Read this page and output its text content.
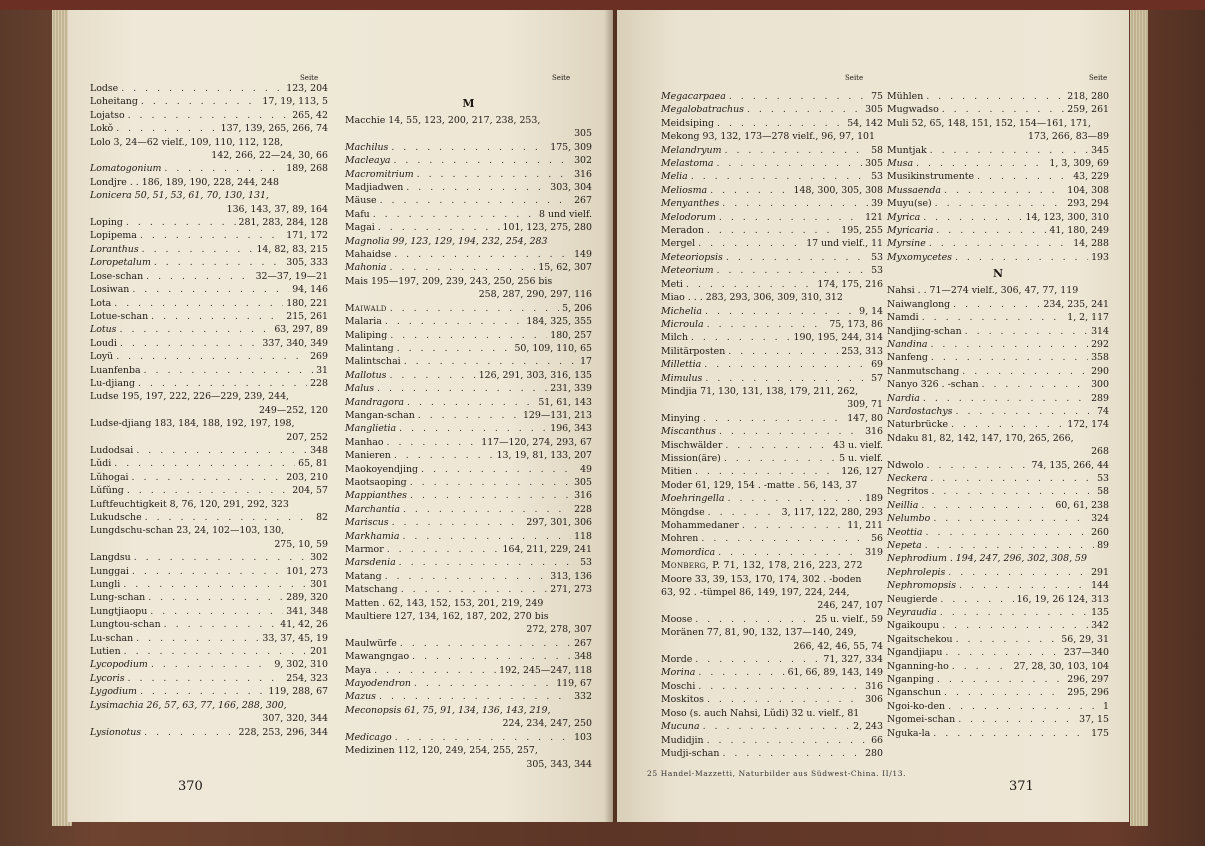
Seite	Seite
Lodse . . .	123, 204
Loheitang . . .	17, 19, 113, 5
Lojatso . . .	265, 42
Lokŏ . . .	137, 139, 265, 266, 74
Lolo 3, 24—62 vielf., 109, 110, 112, 128,
142, 266, 22—24, 30, 66
Lomatogonium . . .	189, 268
Londjre . . 186, 189, 190, 228, 244, 248
Lonicera 50, 51, 53, 61, 70, 130, 131,
136, 143, 37, 89, 164
Loping . . .	281, 283, 284, 128
Lopipema . . .	171, 172
Loranthus . . .	14, 82, 83, 215
Loropetalum . . .	305, 333
Lose-schan . . .	32—37, 19—21
Losiwan . . .	94, 146
Lota . . .	180, 221
Lotue-schan . . .	215, 261
Lotus . . .	63, 297, 89
Loudi . . .	337, 340, 349
Loyü . . .	269
Luanfenba . . .	31
Lu-djiang . . .	228
Ludse 195, 197, 222, 226—229, 239, 244,
249—252, 120
Ludse-djiang 183, 184, 188, 192, 197, 198,
207, 252
Ludodsai . . .	348
Lŭdi . . .	65, 81
Lŭhogai . . .	203, 210
Lŭfŭng . . .	204, 57
Luftfeuchtigkeit 8, 76, 120, 291, 292, 323
Lukudsche . . .	82
Lungdschu-schan 23, 24, 102—103, 130,
275, 10, 59
Langdsu . . .	302
Lunggai . . .	101, 273
Lungli . . .	301
Lung-schan . . .	289, 320
Lungtjiaopu . . .	341, 348
Lungtou-schan . . .	41, 42, 26
Lu-schan . . .	33, 37, 45, 19
Lutien . . .	201
Lycopodium . . .	9, 302, 310
Lycoris . . .	254, 323
Lygodium . . .	119, 288, 67
Lysimachia 26, 57, 63, 77, 166, 288, 300,
307, 320, 344
Lysionotus . . .	228, 253, 296, 344
M
Macchie 14, 55, 123, 200, 217, 238, 253,
305
Machilus . . .	175, 309
Macleaya . . .	302
Macromitrium . . .	316
Madjiadwen . . .	303, 304
Mäuse . . .	267
Mafu . . .	8 und vielf.
Magai . . .	101, 123, 275, 280
Magnolia 99, 123, 129, 194, 232, 254, 283
Mahaidse . . .	149
Mahonia . . .	15, 62, 307
Mais 195—197, 209, 239, 243, 250, 256 bis
258, 287, 290, 297, 116
Maiwald . . .	5, 206
Malaria . . .	184, 325, 355
Maliping . . .	180, 257
Malintang . . .	50, 109, 110, 65
Malintschai . . .	17
Mallotus . . .	126, 291, 303, 316, 135
Malus . . .	231, 339
Mandragora . . .	51, 61, 143
Mangan-schan . . .	129—131, 213
Manglietia . . .	196, 343
Manhao . . .	117—120, 274, 293, 67
Manieren . . .	13, 19, 81, 133, 207
Maokoyendjing . . .	49
Maotsaoping . . .	305
Mappianthes . . .	316
Marchantia . . .	228
Mariscus . . .	297, 301, 306
Markhamia . . .	118
Marmor . . .	164, 211, 229, 241
Marsdenia . . .	53
Matang . . .	313, 136
Matschang . . .	271, 273
Matten . 62, 143, 152, 153, 201, 219, 249
Maultiere 127, 134, 162, 187, 202, 270 bis
272, 278, 307
Maulwürfe . . .	267
Mawangngao . . .	348
Maya . . .	192, 245—247, 118
Mayodendron . . .	119, 67
Mazus . . .	332
Meconopsis 61, 75, 91, 134, 136, 143, 219,
224, 234, 247, 250
Medicago . . .	103
Medizinen 112, 120, 249, 254, 255, 257,
305, 343, 344
370
Seite	Seite
Megacarpaea . . .	75
Megalobatrachus . . .	305
Meidsiping . . .	54, 142
Mekong 93, 132, 173—278 vielf., 96, 97, 101
Melandryum . . .	58
Melastoma . . .	305
Melia . . .	53
Meliosma . . .	148, 300, 305, 308
Menyanthes . . .	39
Melodorum . . .	121
Meradon . . .	195, 255
Mergel . . .	17 und vielf., 11
Meteoriopsis . . .	53
Meteorium . . .	53
Meti . . .	174, 175, 216
Miao . . . 283, 293, 306, 309, 310, 312
Michelia . . .	9, 14
Microula . . .	75, 173, 86
Milch . . .	190, 195, 244, 314
Militärposten . . .	253, 313
Millettia . . .	69
Mimulus . . .	57
Mindjia 71, 130, 131, 138, 179, 211, 262,
309, 71
Minying . . .	147, 80
Miscanthus . . .	316
Mischwälder . . .	43 u. vielf.
Mission(äre) . . .	5 u. vielf.
Mitien . . .	126, 127
Moder 61, 129, 154 . -matte . 56, 143, 37
Moehringella . . .	189
Möngdse . . .	3, 117, 122, 280, 293
Mohammedaner . . .	11, 211
Mohren . . .	56
Momordica . . .	319
Monberg, P. 71, 132, 178, 216, 223, 272
Moore 33, 39, 153, 170, 174, 302 . -boden
63, 92 . -tümpel 86, 149, 197, 224, 244,
246, 247, 107
Moose . . .	25 u. vielf., 59
Moränen 77, 81, 90, 132, 137—140, 249,
266, 42, 46, 55, 74
Morde . . .	71, 327, 334
Morina . . .	61, 66, 89, 143, 149
Moschi . . .	316
Moskitos . . .	306
Moso (s. auch Nahsi, Lŭdi) 32 u. vielf., 81
Mucuna . . .	2, 243
Mudidjin . . .	66
Mudji-schan . . .	280
Mühlen . . .	218, 280
Mugwadso . . .	259, 261
Muli 52, 65, 148, 151, 152, 154—161, 171,
173, 266, 83—89
Muntjak . . .	345
Musa . . .	1, 3, 309, 69
Musikinstrumente . . .	43, 229
Mussaenda . . .	104, 308
Muyu(se) . . .	293, 294
Myrica . . .	14, 123, 300, 310
Myricaria . . .	41, 180, 249
Myrsine . . .	14, 288
Myxomycetes . . .	193
N
Nahsi . . 71—274 vielf., 306, 47, 77, 119
Naiwanglong . . .	234, 235, 241
Namdi . . .	1, 2, 117
Nandjing-schan . . .	314
Nandina . . .	292
Nanfeng . . .	358
Nanmutschang . . .	290
Nanyo 326 . -schan . . .	300
Nardia . . .	289
Nardostachys . . .	74
Naturbrücke . . .	172, 174
Ndaku 81, 82, 142, 147, 170, 265, 266,
268
Ndwolo . . .	74, 135, 266, 44
Neckera . . .	53
Negritos . . .	58
Neillia . . .	60, 61, 238
Nelumbo . . .	324
Neottia . . .	260
Nepeta . . .	89
Nephrodium . 194, 247, 296, 302, 308, 59
Nephrolepis . . .	291
Nephromopsis . . .	144
Neugierde . . .	16, 19, 26 124, 313
Neyraudia . . .	135
Ngaikoupu . . .	342
Ngaitschekou . . .	56, 29, 31
Ngandjiapu . . .	237—340
Nganning-ho . . .	27, 28, 30, 103, 104
Nganping . . .	296, 297
Nganschun . . .	295, 296
Ngoi-ko-den . . .	1
Ngomei-schan . . .	37, 15
Nguka-la . . .	175
25 Handel-Mazzetti, Naturbilder aus Südwest-China. II/13.
371
